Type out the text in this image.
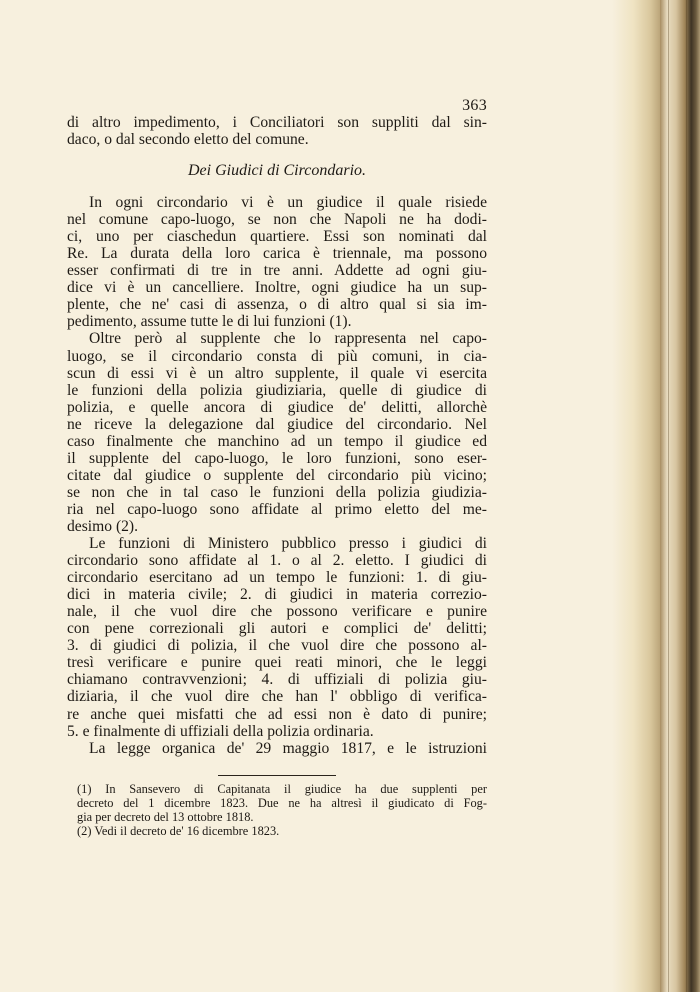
363

di altro impedimento, i Conciliatori son suppliti dal sin-
daco, o dal secondo eletto del comune.

Dei Giudici di Circondario.

In ogni circondario vi è un giudice il quale risiede
nel comune capo-luogo, se non che Napoli ne ha dodi-
ci, uno per ciaschedun quartiere. Essi son nominati dal
Re. La durata della loro carica è triennale, ma possono
esser confirmati di tre in tre anni. Addette ad ogni giu-
dice vi è un cancelliere. Inoltre, ogni giudice ha un sup-
plente, che ne' casi di assenza, o di altro qual si sia im-
pedimento, assume tutte le di lui funzioni (1).
Oltre però al supplente che lo rappresenta nel capo-
luogo, se il circondario consta di più comuni, in cia-
scun di essi vi è un altro supplente, il quale vi esercita
le funzioni della polizia giudiziaria, quelle di giudice di
polizia, e quelle ancora di giudice de' delitti, allorchè
ne riceve la delegazione dal giudice del circondario. Nel
caso finalmente che manchino ad un tempo il giudice ed
il supplente del capo-luogo, le loro funzioni, sono eser-
citate dal giudice o supplente del circondario più vicino;
se non che in tal caso le funzioni della polizia giudizia-
ria nel capo-luogo sono affidate al primo eletto del me-
desimo (2).
Le funzioni di Ministero pubblico presso i giudici di
circondario sono affidate al 1. o al 2. eletto. I giudici di
circondario esercitano ad un tempo le funzioni: 1. di giu-
dici in materia civile; 2. di giudici in materia correzio-
nale, il che vuol dire che possono verificare e punire
con pene correzionali gli autori e complici de' delitti;
3. di giudici di polizia, il che vuol dire che possono al-
tresì verificare e punire quei reati minori, che le leggi
chiamano contravvenzioni; 4. di uffiziali di polizia giu-
diziaria, il che vuol dire che han l' obbligo di verifica-
re anche quei misfatti che ad essi non è dato di punire;
5. e finalmente di uffiziali della polizia ordinaria.
La legge organica de' 29 maggio 1817, e le istruzioni
(1) In Sansevero di Capitanata il giudice ha due supplenti per
decreto del 1 dicembre 1823. Due ne ha altresì il giudicato di Fog-
gia per decreto del 13 ottobre 1818.
(2) Vedi il decreto de' 16 dicembre 1823.
